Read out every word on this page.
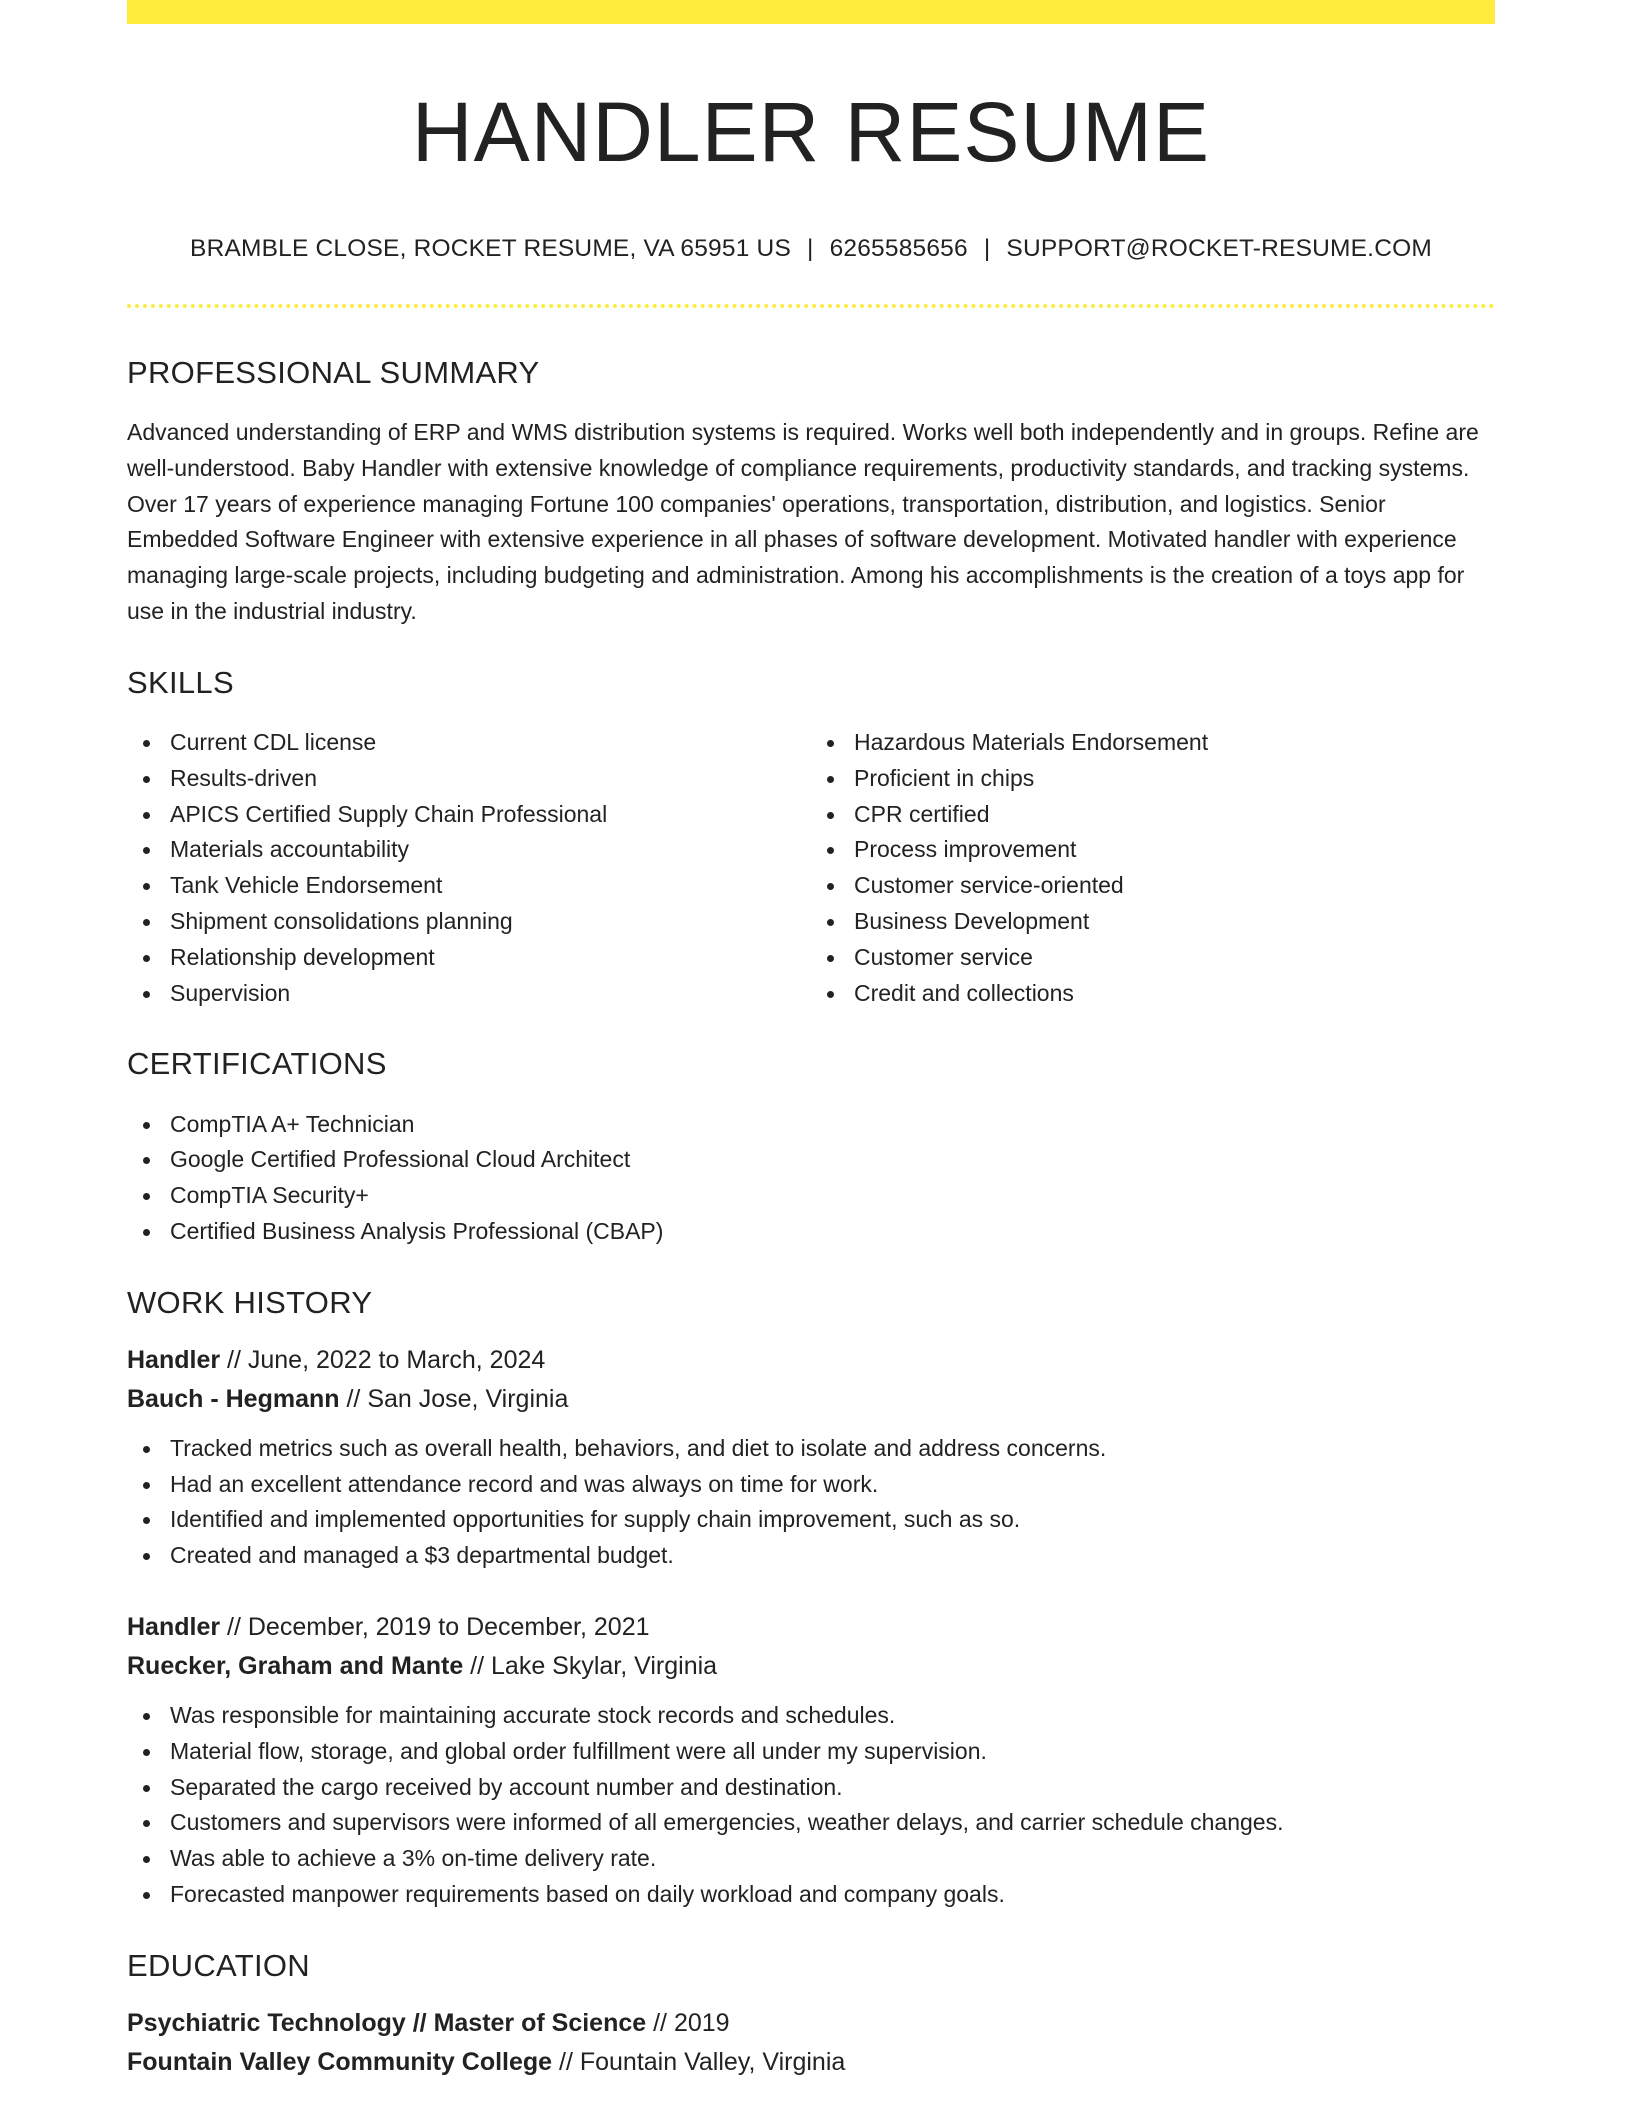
HANDLER RESUME
BRAMBLE CLOSE, ROCKET RESUME, VA 65951 US | 6265585656 | SUPPORT@ROCKET-RESUME.COM
PROFESSIONAL SUMMARY

Advanced understanding of ERP and WMS distribution systems is required. Works well both independently and in groups. Refine are well-understood. Baby Handler with extensive knowledge of compliance requirements, productivity standards, and tracking systems. Over 17 years of experience managing Fortune 100 companies' operations, transportation, distribution, and logistics. Senior Embedded Software Engineer with extensive experience in all phases of software development. Motivated handler with experience managing large-scale projects, including budgeting and administration. Among his accomplishments is the creation of a toys app for use in the industrial industry.

SKILLS
Current CDL license
Results-driven
APICS Certified Supply Chain Professional
Materials accountability
Tank Vehicle Endorsement
Shipment consolidations planning
Relationship development
Supervision
Hazardous Materials Endorsement
Proficient in chips
CPR certified
Process improvement
Customer service-oriented
Business Development
Customer service
Credit and collections
CERTIFICATIONS
CompTIA A+ Technician
Google Certified Professional Cloud Architect
CompTIA Security+
Certified Business Analysis Professional (CBAP)
WORK HISTORY
Handler // June, 2022 to March, 2024
Bauch - Hegmann // San Jose, Virginia
Tracked metrics such as overall health, behaviors, and diet to isolate and address concerns.
Had an excellent attendance record and was always on time for work.
Identified and implemented opportunities for supply chain improvement, such as so.
Created and managed a $3 departmental budget.
Handler // December, 2019 to December, 2021
Ruecker, Graham and Mante // Lake Skylar, Virginia
Was responsible for maintaining accurate stock records and schedules.
Material flow, storage, and global order fulfillment were all under my supervision.
Separated the cargo received by account number and destination.
Customers and supervisors were informed of all emergencies, weather delays, and carrier schedule changes.
Was able to achieve a 3% on-time delivery rate.
Forecasted manpower requirements based on daily workload and company goals.
EDUCATION
Psychiatric Technology // Master of Science // 2019
Fountain Valley Community College // Fountain Valley, Virginia
